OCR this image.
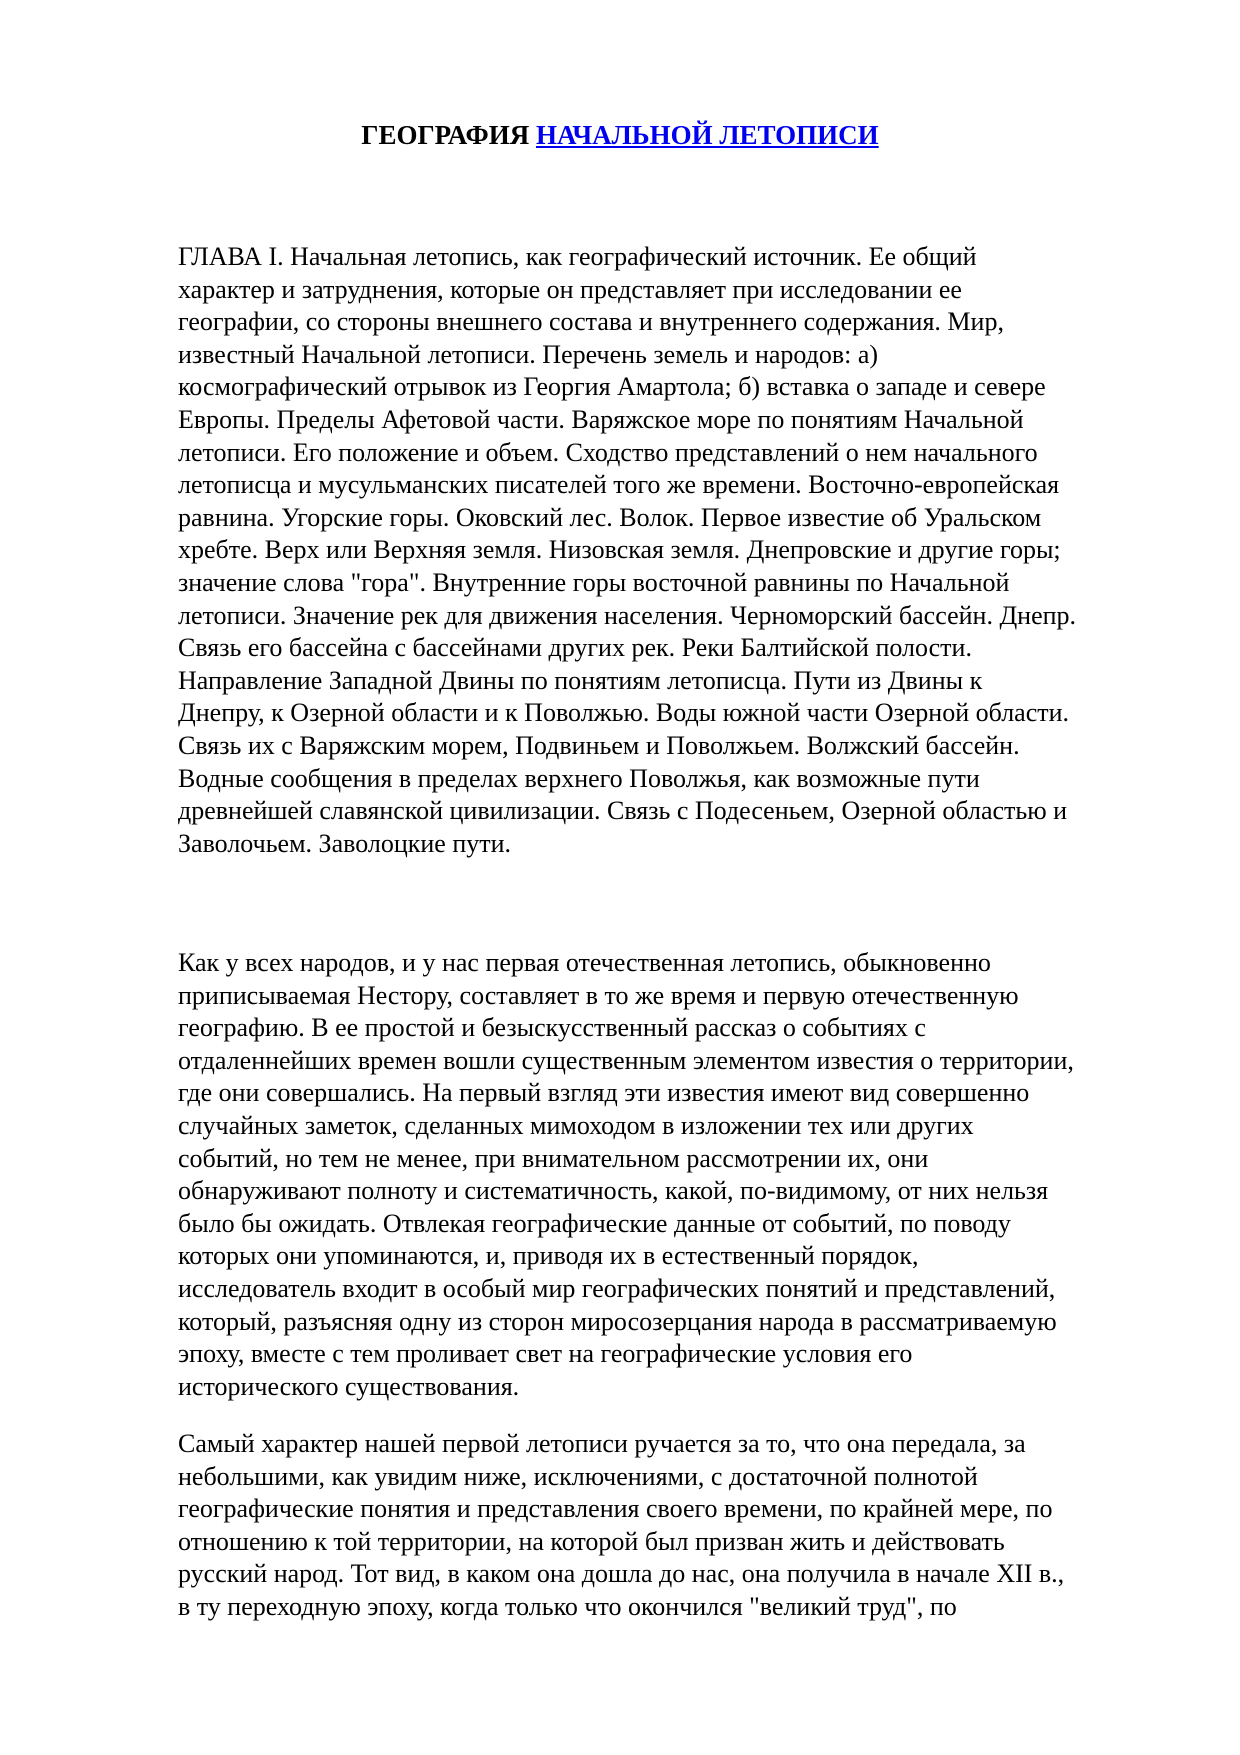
ГЕОГРАФИЯ НАЧАЛЬНОЙ ЛЕТОПИСИ

ГЛАВА I. Начальная летопись, как географический источник. Ее общий
характер и затруднения, которые он представляет при исследовании ее
географии, со стороны внешнего состава и внутреннего содержания. Мир,
известный Начальной летописи. Перечень земель и народов: а)
космографический отрывок из Георгия Амартола; б) вставка о западе и севере
Европы. Пределы Афетовой части. Варяжское море по понятиям Начальной
летописи. Его положение и объем. Сходство представлений о нем начального
летописца и мусульманских писателей того же времени. Восточно-европейская
равнина. Угорские горы. Оковский лес. Волок. Первое известие об Уральском
хребте. Верх или Верхняя земля. Низовская земля. Днепровские и другие горы;
значение слова "гора". Внутренние горы восточной равнины по Начальной
летописи. Значение рек для движения населения. Черноморский бассейн. Днепр.
Связь его бассейна с бассейнами других рек. Реки Балтийской полости.
Направление Западной Двины по понятиям летописца. Пути из Двины к
Днепру, к Озерной области и к Поволжью. Воды южной части Озерной области.
Связь их с Варяжским морем, Подвиньем и Поволжьем. Волжский бассейн.
Водные сообщения в пределах верхнего Поволжья, как возможные пути
древнейшей славянской цивилизации. Связь с Подесеньем, Озерной областью и
Заволочьем. Заволоцкие пути.

Как у всех народов, и у нас первая отечественная летопись, обыкновенно
приписываемая Нестору, составляет в то же время и первую отечественную
географию. В ее простой и безыскусственный рассказ о событиях с
отдаленнейших времен вошли существенным элементом известия о территории,
где они совершались. На первый взгляд эти известия имеют вид совершенно
случайных заметок, сделанных мимоходом в изложении тех или других
событий, но тем не менее, при внимательном рассмотрении их, они
обнаруживают полноту и систематичность, какой, по-видимому, от них нельзя
было бы ожидать. Отвлекая географические данные от событий, по поводу
которых они упоминаются, и, приводя их в естественный порядок,
исследователь входит в особый мир географических понятий и представлений,
который, разъясняя одну из сторон миросозерцания народа в рассматриваемую
эпоху, вместе с тем проливает свет на географические условия его
исторического существования.

Самый характер нашей первой летописи ручается за то, что она передала, за
небольшими, как увидим ниже, исключениями, с достаточной полнотой
географические понятия и представления своего времени, по крайней мере, по
отношению к той территории, на которой был призван жить и действовать
русский народ. Тот вид, в каком она дошла до нас, она получила в начале XII в.,
в ту переходную эпоху, когда только что окончился "великий труд", по
